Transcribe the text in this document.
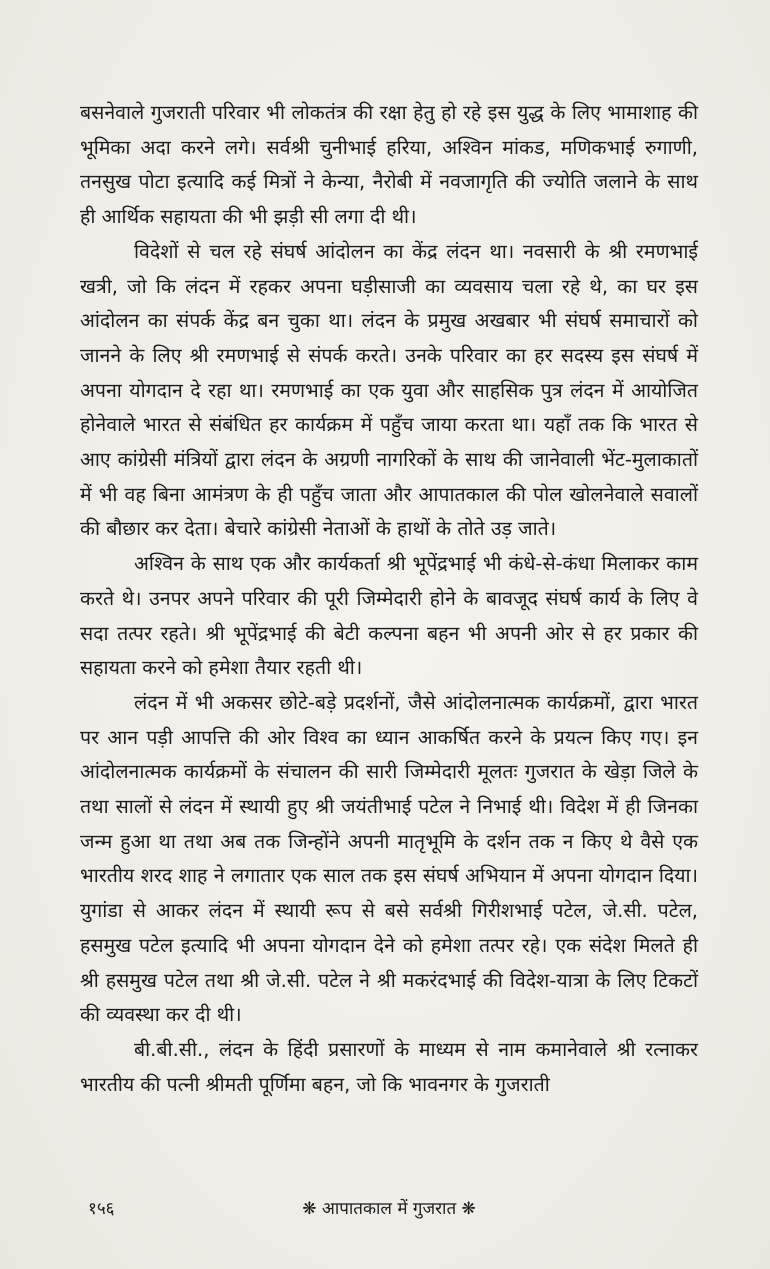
बसनेवाले गुजराती परिवार भी लोकतंत्र की रक्षा हेतु हो रहे इस युद्ध के लिए भामाशाह की भूमिका अदा करने लगे। सर्वश्री चुनीभाई हरिया, अश्विन मांकड, मणिकभाई रुगाणी, तनसुख पोटा इत्यादि कई मित्रों ने केन्या, नैरोबी में नवजागृति की ज्योति जलाने के साथ ही आर्थिक सहायता की भी झड़ी सी लगा दी थी।

विदेशों से चल रहे संघर्ष आंदोलन का केंद्र लंदन था। नवसारी के श्री रमणभाई खत्री, जो कि लंदन में रहकर अपना घड़ीसाजी का व्यवसाय चला रहे थे, का घर इस आंदोलन का संपर्क केंद्र बन चुका था। लंदन के प्रमुख अखबार भी संघर्ष समाचारों को जानने के लिए श्री रमणभाई से संपर्क करते। उनके परिवार का हर सदस्य इस संघर्ष में अपना योगदान दे रहा था। रमणभाई का एक युवा और साहसिक पुत्र लंदन में आयोजित होनेवाले भारत से संबंधित हर कार्यक्रम में पहुँच जाया करता था। यहाँ तक कि भारत से आए कांग्रेसी मंत्रियों द्वारा लंदन के अग्रणी नागरिकों के साथ की जानेवाली भेंट-मुलाकातों में भी वह बिना आमंत्रण के ही पहुँच जाता और आपातकाल की पोल खोलनेवाले सवालों की बौछार कर देता। बेचारे कांग्रेसी नेताओं के हाथों के तोते उड़ जाते।

अश्विन के साथ एक और कार्यकर्ता श्री भूपेंद्रभाई भी कंधे-से-कंधा मिलाकर काम करते थे। उनपर अपने परिवार की पूरी जिम्मेदारी होने के बावजूद संघर्ष कार्य के लिए वे सदा तत्पर रहते। श्री भूपेंद्रभाई की बेटी कल्पना बहन भी अपनी ओर से हर प्रकार की सहायता करने को हमेशा तैयार रहती थी।

लंदन में भी अकसर छोटे-बड़े प्रदर्शनों, जैसे आंदोलनात्मक कार्यक्रमों, द्वारा भारत पर आन पड़ी आपत्ति की ओर विश्व का ध्यान आकर्षित करने के प्रयत्न किए गए। इन आंदोलनात्मक कार्यक्रमों के संचालन की सारी जिम्मेदारी मूलतः गुजरात के खेड़ा जिले के तथा सालों से लंदन में स्थायी हुए श्री जयंतीभाई पटेल ने निभाई थी। विदेश में ही जिनका जन्म हुआ था तथा अब तक जिन्होंने अपनी मातृभूमि के दर्शन तक न किए थे वैसे एक भारतीय शरद शाह ने लगातार एक साल तक इस संघर्ष अभियान में अपना योगदान दिया। युगांडा से आकर लंदन में स्थायी रूप से बसे सर्वश्री गिरीशभाई पटेल, जे.सी. पटेल, हसमुख पटेल इत्यादि भी अपना योगदान देने को हमेशा तत्पर रहे। एक संदेश मिलते ही श्री हसमुख पटेल तथा श्री जे.सी. पटेल ने श्री मकरंदभाई की विदेश-यात्रा के लिए टिकटों की व्यवस्था कर दी थी।

बी.बी.सी., लंदन के हिंदी प्रसारणों के माध्यम से नाम कमानेवाले श्री रत्नाकर भारतीय की पत्नी श्रीमती पूर्णिमा बहन, जो कि भावनगर के गुजराती

१५६	❋ आपातकाल में गुजरात ❋
